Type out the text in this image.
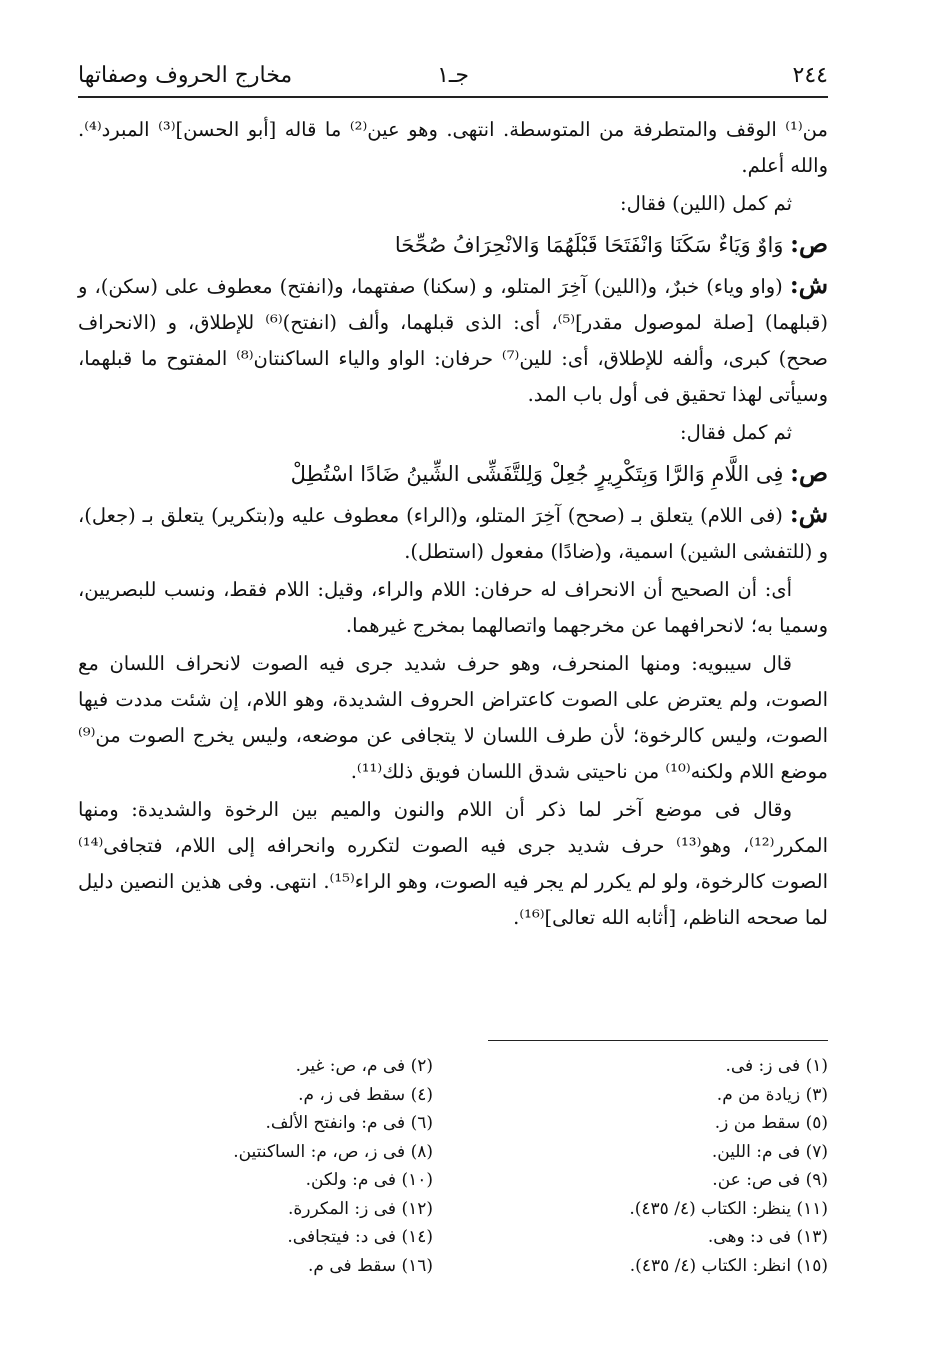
٢٤٤
جـ١
مخارج الحروف وصفاتها

من⁽¹⁾ الوقف والمتطرفة من المتوسطة. انتهى. وهو عين⁽²⁾ ما قاله [أبو الحسن]⁽³⁾ المبرد⁽⁴⁾. والله أعلم.

ثم كمل (اللين) فقال:

ص: وَاوٌ وَيَاءٌ سَكَنَا وَانْفَتَحَا قَبْلَهُمَا وَالانْحِرَافُ صُحِّحَا

ش: (واو وياء) خبرٌ، و(اللين) آخِرَ المتلو، و (سكنا) صفتهما، و(انفتح) معطوف على (سكن)، و (قبلهما) [صلة لموصول مقدر]⁽⁵⁾، أى: الذى قبلهما، وألف (انفتح)⁽⁶⁾ للإطلاق، و (الانحراف صحح) كبرى، وألفه للإطلاق، أى: للين⁽⁷⁾ حرفان: الواو والياء الساكنتان⁽⁸⁾ المفتوح ما قبلهما، وسيأتى لهذا تحقيق فى أول باب المد.

ثم كمل فقال:

ص: فِى اللَّامِ وَالرَّا وَبِتَكْرِيرٍ جُعِلْ وَلِلتَّفَشِّى الشِّينُ ضَادًا اسْتُطِلْ

ش: (فى اللام) يتعلق بـ (صحح) آخِرَ المتلو، و(الراء) معطوف عليه و(بتكرير) يتعلق بـ (جعل)، و (للتفشى الشين) اسمية، و(ضادًا) مفعول (استطل).

أى: أن الصحيح أن الانحراف له حرفان: اللام والراء، وقيل: اللام فقط، ونسب للبصريين، وسميا به؛ لانحرافهما عن مخرجهما واتصالهما بمخرج غيرهما.

قال سيبويه: ومنها المنحرف، وهو حرف شديد جرى فيه الصوت لانحراف اللسان مع الصوت، ولم يعترض على الصوت كاعتراض الحروف الشديدة، وهو اللام، إن شئت مددت فيها الصوت، وليس كالرخوة؛ لأن طرف اللسان لا يتجافى عن موضعه، وليس يخرج الصوت من⁽⁹⁾ موضع اللام ولكنه⁽¹⁰⁾ من ناحيتى شدق اللسان فويق ذلك⁽¹¹⁾.

وقال فى موضع آخر لما ذكر أن اللام والنون والميم بين الرخوة والشديدة: ومنها المكرر⁽¹²⁾، وهو⁽¹³⁾ حرف شديد جرى فيه الصوت لتكرره وانحرافه إلى اللام، فتجافى⁽¹⁴⁾ الصوت كالرخوة، ولو لم يكرر لم يجر فيه الصوت، وهو الراء⁽¹⁵⁾. انتهى. وفى هذين النصين دليل لما صححه الناظم، [أثابه الله تعالى]⁽¹⁶⁾.

(١) فى ز: فى.
(٢) فى م، ص: غير.
(٣) زيادة من م.
(٤) سقط فى ز، م.
(٥) سقط من ز.
(٦) فى م: وانفتح الألف.
(٧) فى م: اللين.
(٨) فى ز، ص، م: الساكنتين.
(٩) فى ص: عن.
(١٠) فى م: ولكن.
(١١) ينظر: الكتاب (٤/ ٤٣٥).
(١٢) فى ز: المكررة.
(١٣) فى د: وهى.
(١٤) فى د: فيتجافى.
(١٥) انظر: الكتاب (٤/ ٤٣٥).
(١٦) سقط فى م.
